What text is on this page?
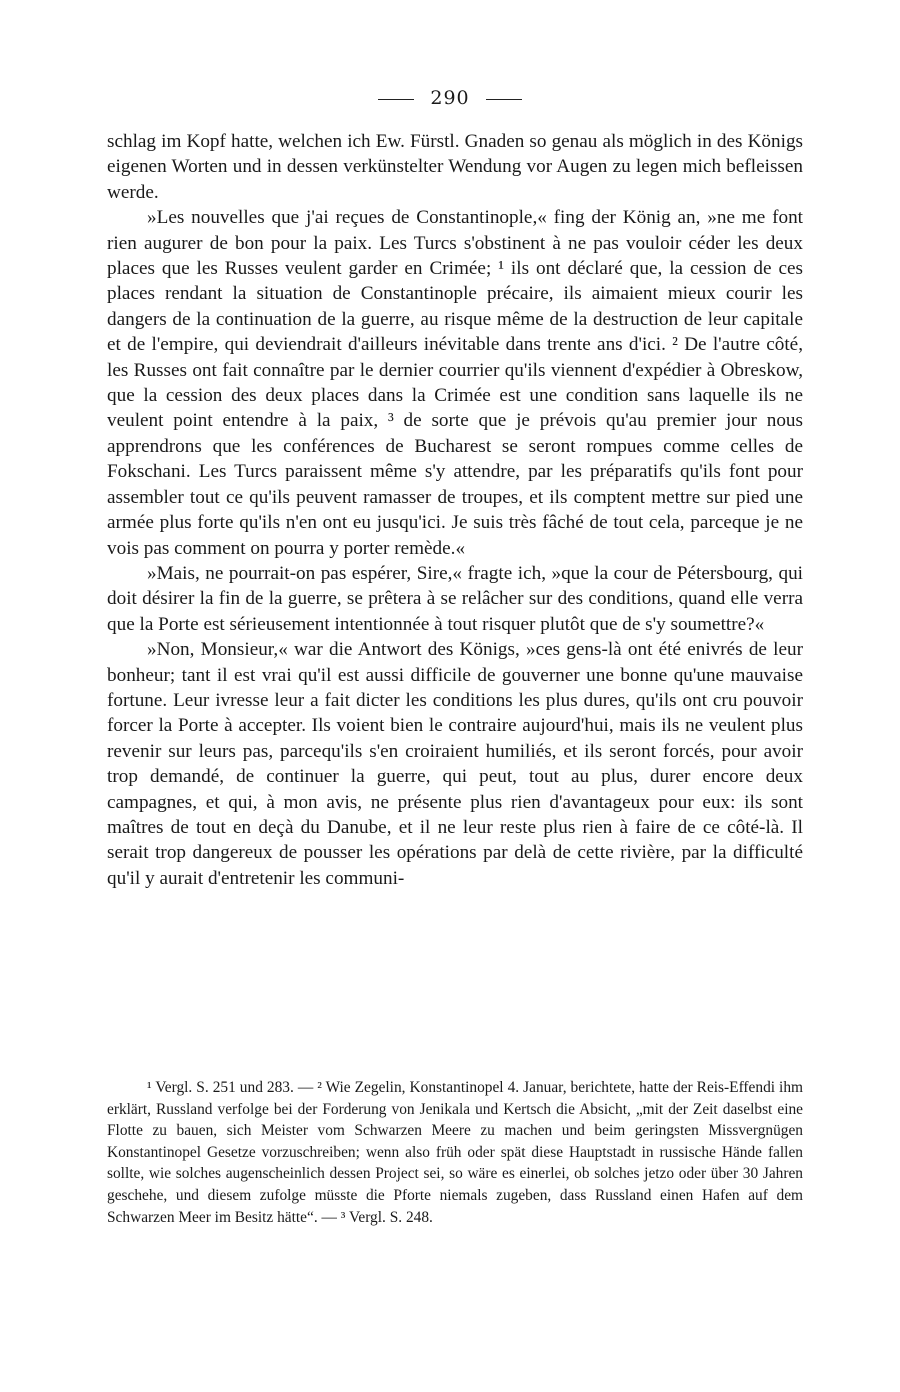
290

schlag im Kopf hatte, welchen ich Ew. Fürstl. Gnaden so genau als möglich in des Königs eigenen Worten und in dessen verkünstelter Wendung vor Augen zu legen mich befleissen werde.

»Les nouvelles que j'ai reçues de Constantinople,« fing der König an, »ne me font rien augurer de bon pour la paix. Les Turcs s'obstinent à ne pas vouloir céder les deux places que les Russes veulent garder en Crimée; ¹ ils ont déclaré que, la cession de ces places rendant la situation de Constantinople précaire, ils aimaient mieux courir les dangers de la continuation de la guerre, au risque même de la destruction de leur capitale et de l'empire, qui deviendrait d'ailleurs inévitable dans trente ans d'ici. ² De l'autre côté, les Russes ont fait connaître par le dernier courrier qu'ils viennent d'expédier à Obreskow, que la cession des deux places dans la Crimée est une condition sans laquelle ils ne veulent point entendre à la paix, ³ de sorte que je prévois qu'au premier jour nous apprendrons que les conférences de Bucharest se seront rompues comme celles de Fokschani. Les Turcs paraissent même s'y attendre, par les préparatifs qu'ils font pour assembler tout ce qu'ils peuvent ramasser de troupes, et ils comptent mettre sur pied une armée plus forte qu'ils n'en ont eu jusqu'ici. Je suis très fâché de tout cela, parceque je ne vois pas comment on pourra y porter remède.«

»Mais, ne pourrait-on pas espérer, Sire,« fragte ich, »que la cour de Pétersbourg, qui doit désirer la fin de la guerre, se prêtera à se relâcher sur des conditions, quand elle verra que la Porte est sérieusement intentionnée à tout risquer plutôt que de s'y soumettre?«

»Non, Monsieur,« war die Antwort des Königs, »ces gens-là ont été enivrés de leur bonheur; tant il est vrai qu'il est aussi difficile de gouverner une bonne qu'une mauvaise fortune. Leur ivresse leur a fait dicter les conditions les plus dures, qu'ils ont cru pouvoir forcer la Porte à accepter. Ils voient bien le contraire aujourd'hui, mais ils ne veulent plus revenir sur leurs pas, parcequ'ils s'en croiraient humiliés, et ils seront forcés, pour avoir trop demandé, de continuer la guerre, qui peut, tout au plus, durer encore deux campagnes, et qui, à mon avis, ne présente plus rien d'avantageux pour eux: ils sont maîtres de tout en deçà du Danube, et il ne leur reste plus rien à faire de ce côté-là. Il serait trop dangereux de pousser les opérations par delà de cette rivière, par la difficulté qu'il y aurait d'entretenir les communi-

¹ Vergl. S. 251 und 283. — ² Wie Zegelin, Konstantinopel 4. Januar, berichtete, hatte der Reis-Effendi ihm erklärt, Russland verfolge bei der Forderung von Jenikala und Kertsch die Absicht, „mit der Zeit daselbst eine Flotte zu bauen, sich Meister vom Schwarzen Meere zu machen und beim geringsten Missvergnügen Konstantinopel Gesetze vorzuschreiben; wenn also früh oder spät diese Hauptstadt in russische Hände fallen sollte, wie solches augenscheinlich dessen Project sei, so wäre es einerlei, ob solches jetzo oder über 30 Jahren geschehe, und diesem zufolge müsste die Pforte niemals zugeben, dass Russland einen Hafen auf dem Schwarzen Meer im Besitz hätte“. — ³ Vergl. S. 248.
